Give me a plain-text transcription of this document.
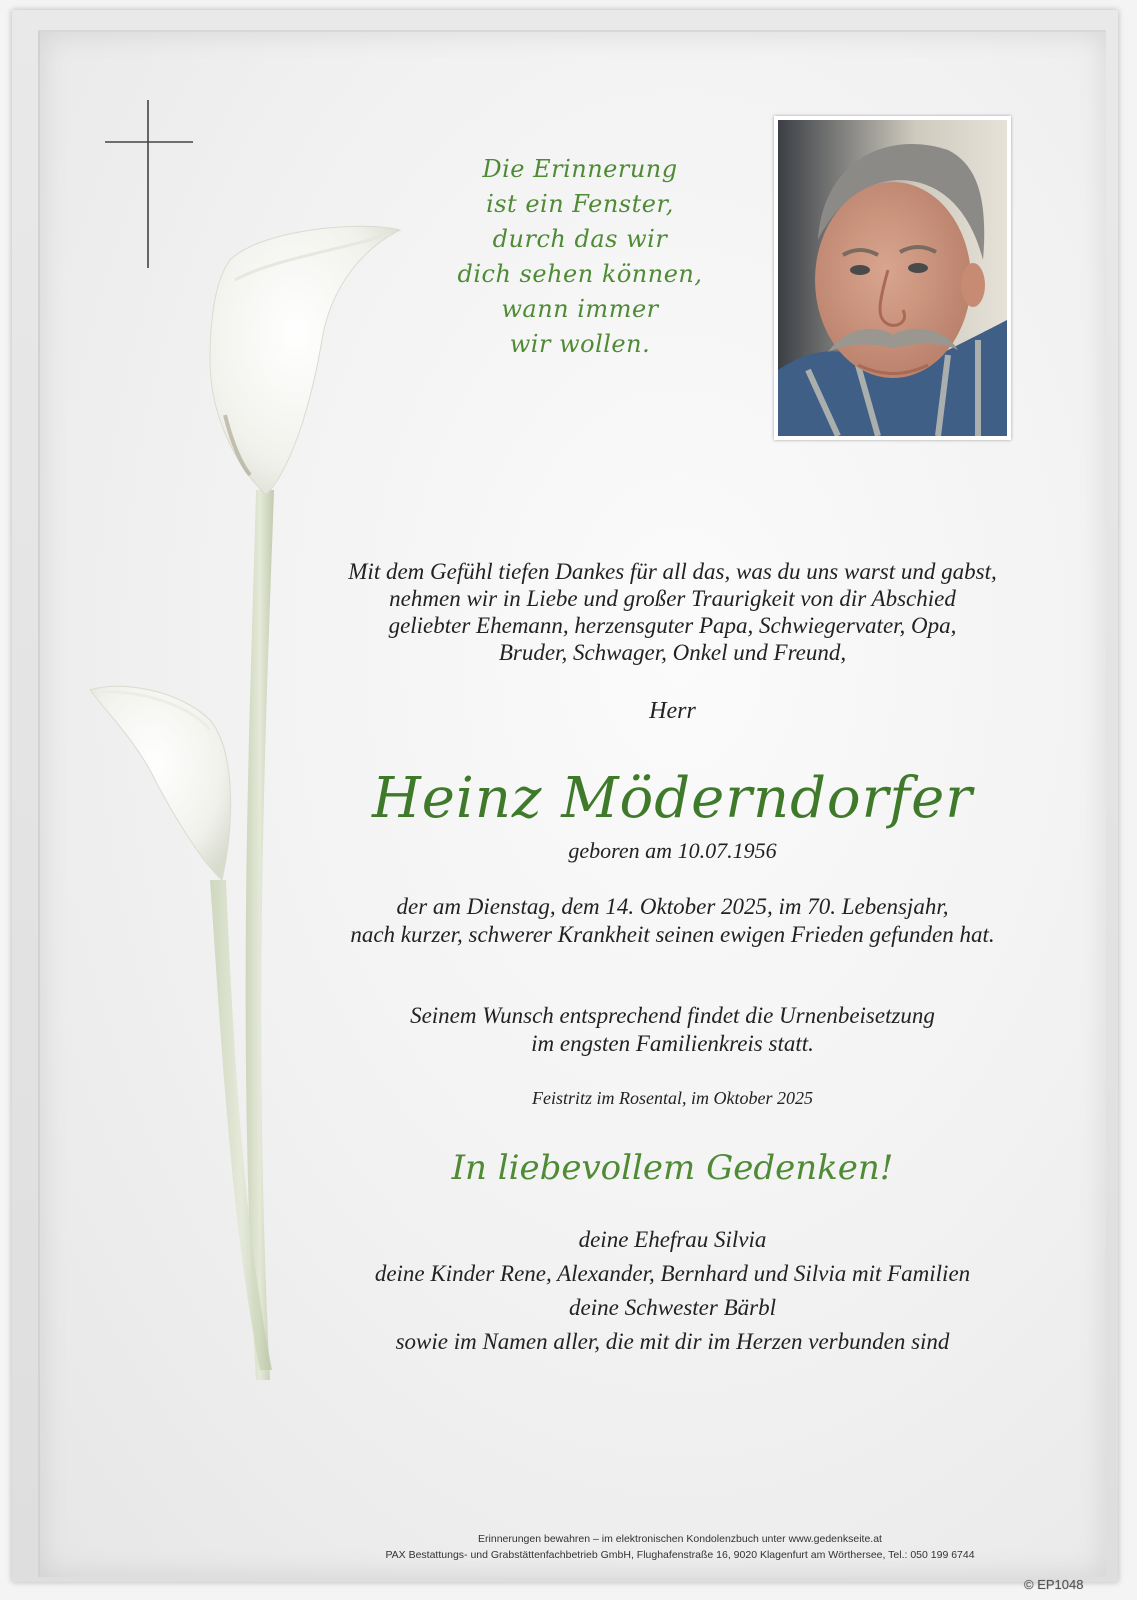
Die Erinnerung
ist ein Fenster,
durch das wir
dich sehen können,
wann immer
wir wollen.
Mit dem Gefühl tiefen Dankes für all das, was du uns warst und gabst,
nehmen wir in Liebe und großer Traurigkeit von dir Abschied
geliebter Ehemann, herzensguter Papa, Schwiegervater, Opa,
Bruder, Schwager, Onkel und Freund,
Herr
Heinz Möderndorfer
geboren am 10.07.1956
der am Dienstag, dem 14. Oktober 2025, im 70. Lebensjahr,
nach kurzer, schwerer Krankheit seinen ewigen Frieden gefunden hat.
Seinem Wunsch entsprechend findet die Urnenbeisetzung
im engsten Familienkreis statt.
Feistritz im Rosental, im Oktober 2025
In liebevollem Gedenken!
deine Ehefrau Silvia
deine Kinder Rene, Alexander, Bernhard und Silvia mit Familien
deine Schwester Bärbl
sowie im Namen aller, die mit dir im Herzen verbunden sind
Erinnerungen bewahren – im elektronischen Kondolenzbuch unter www.gedenkseite.at
PAX Bestattungs- und Grabstättenfachbetrieb GmbH, Flughafenstraße 16, 9020 Klagenfurt am Wörthersee, Tel.: 050 199 6744
© EP1048
